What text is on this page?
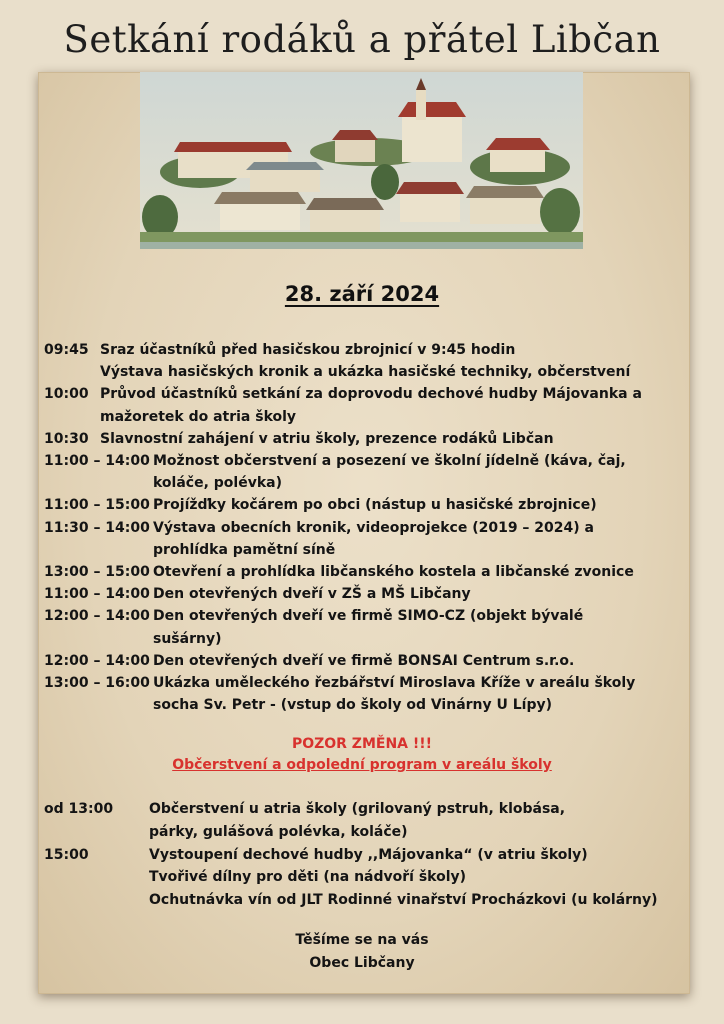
Setkání rodáků a přátel Libčan
28. září 2024
09:45 Sraz účastníků před hasičskou zbrojnicí v 9:45 hodin
Výstava hasičských kronik a ukázka hasičské techniky, občerstvení
10:00 Průvod účastníků setkání za doprovodu dechové hudby Májovanka a
mažoretek do atria školy
10:30 Slavnostní zahájení v atriu školy, prezence rodáků Libčan
11:00 – 14:00 Možnost občerstvení a posezení ve školní jídelně (káva, čaj,
koláče, polévka)
11:00 – 15:00 Projížďky kočárem po obci (nástup u hasičské zbrojnice)
11:30 – 14:00 Výstava obecních kronik, videoprojekce (2019 – 2024) a
prohlídka pamětní síně
13:00 – 15:00 Otevření a prohlídka libčanského kostela a libčanské zvonice
11:00 – 14:00 Den otevřených dveří v ZŠ a MŠ Libčany
12:00 – 14:00 Den otevřených dveří ve firmě SIMO-CZ (objekt bývalé
sušárny)
12:00 – 14:00 Den otevřených dveří ve firmě BONSAI Centrum s.r.o.
13:00 – 16:00 Ukázka uměleckého řezbářství Miroslava Kříže v areálu školy
socha Sv. Petr - (vstup do školy od Vinárny U Lípy)
POZOR ZMĚNA !!!
Občerstvení a odpolední program v areálu školy
od 13:00	Občerstvení u atria školy (grilovaný pstruh, klobása,
párky, gulášová polévka, koláče)
15:00	Vystoupení dechové hudby ,,Májovanka“ (v atriu školy)
Tvořivé dílny pro děti (na nádvoří školy)
Ochutnávka vín od JLT Rodinné vinařství Procházkovi (u kolárny)
Těšíme se na vás
Obec Libčany
